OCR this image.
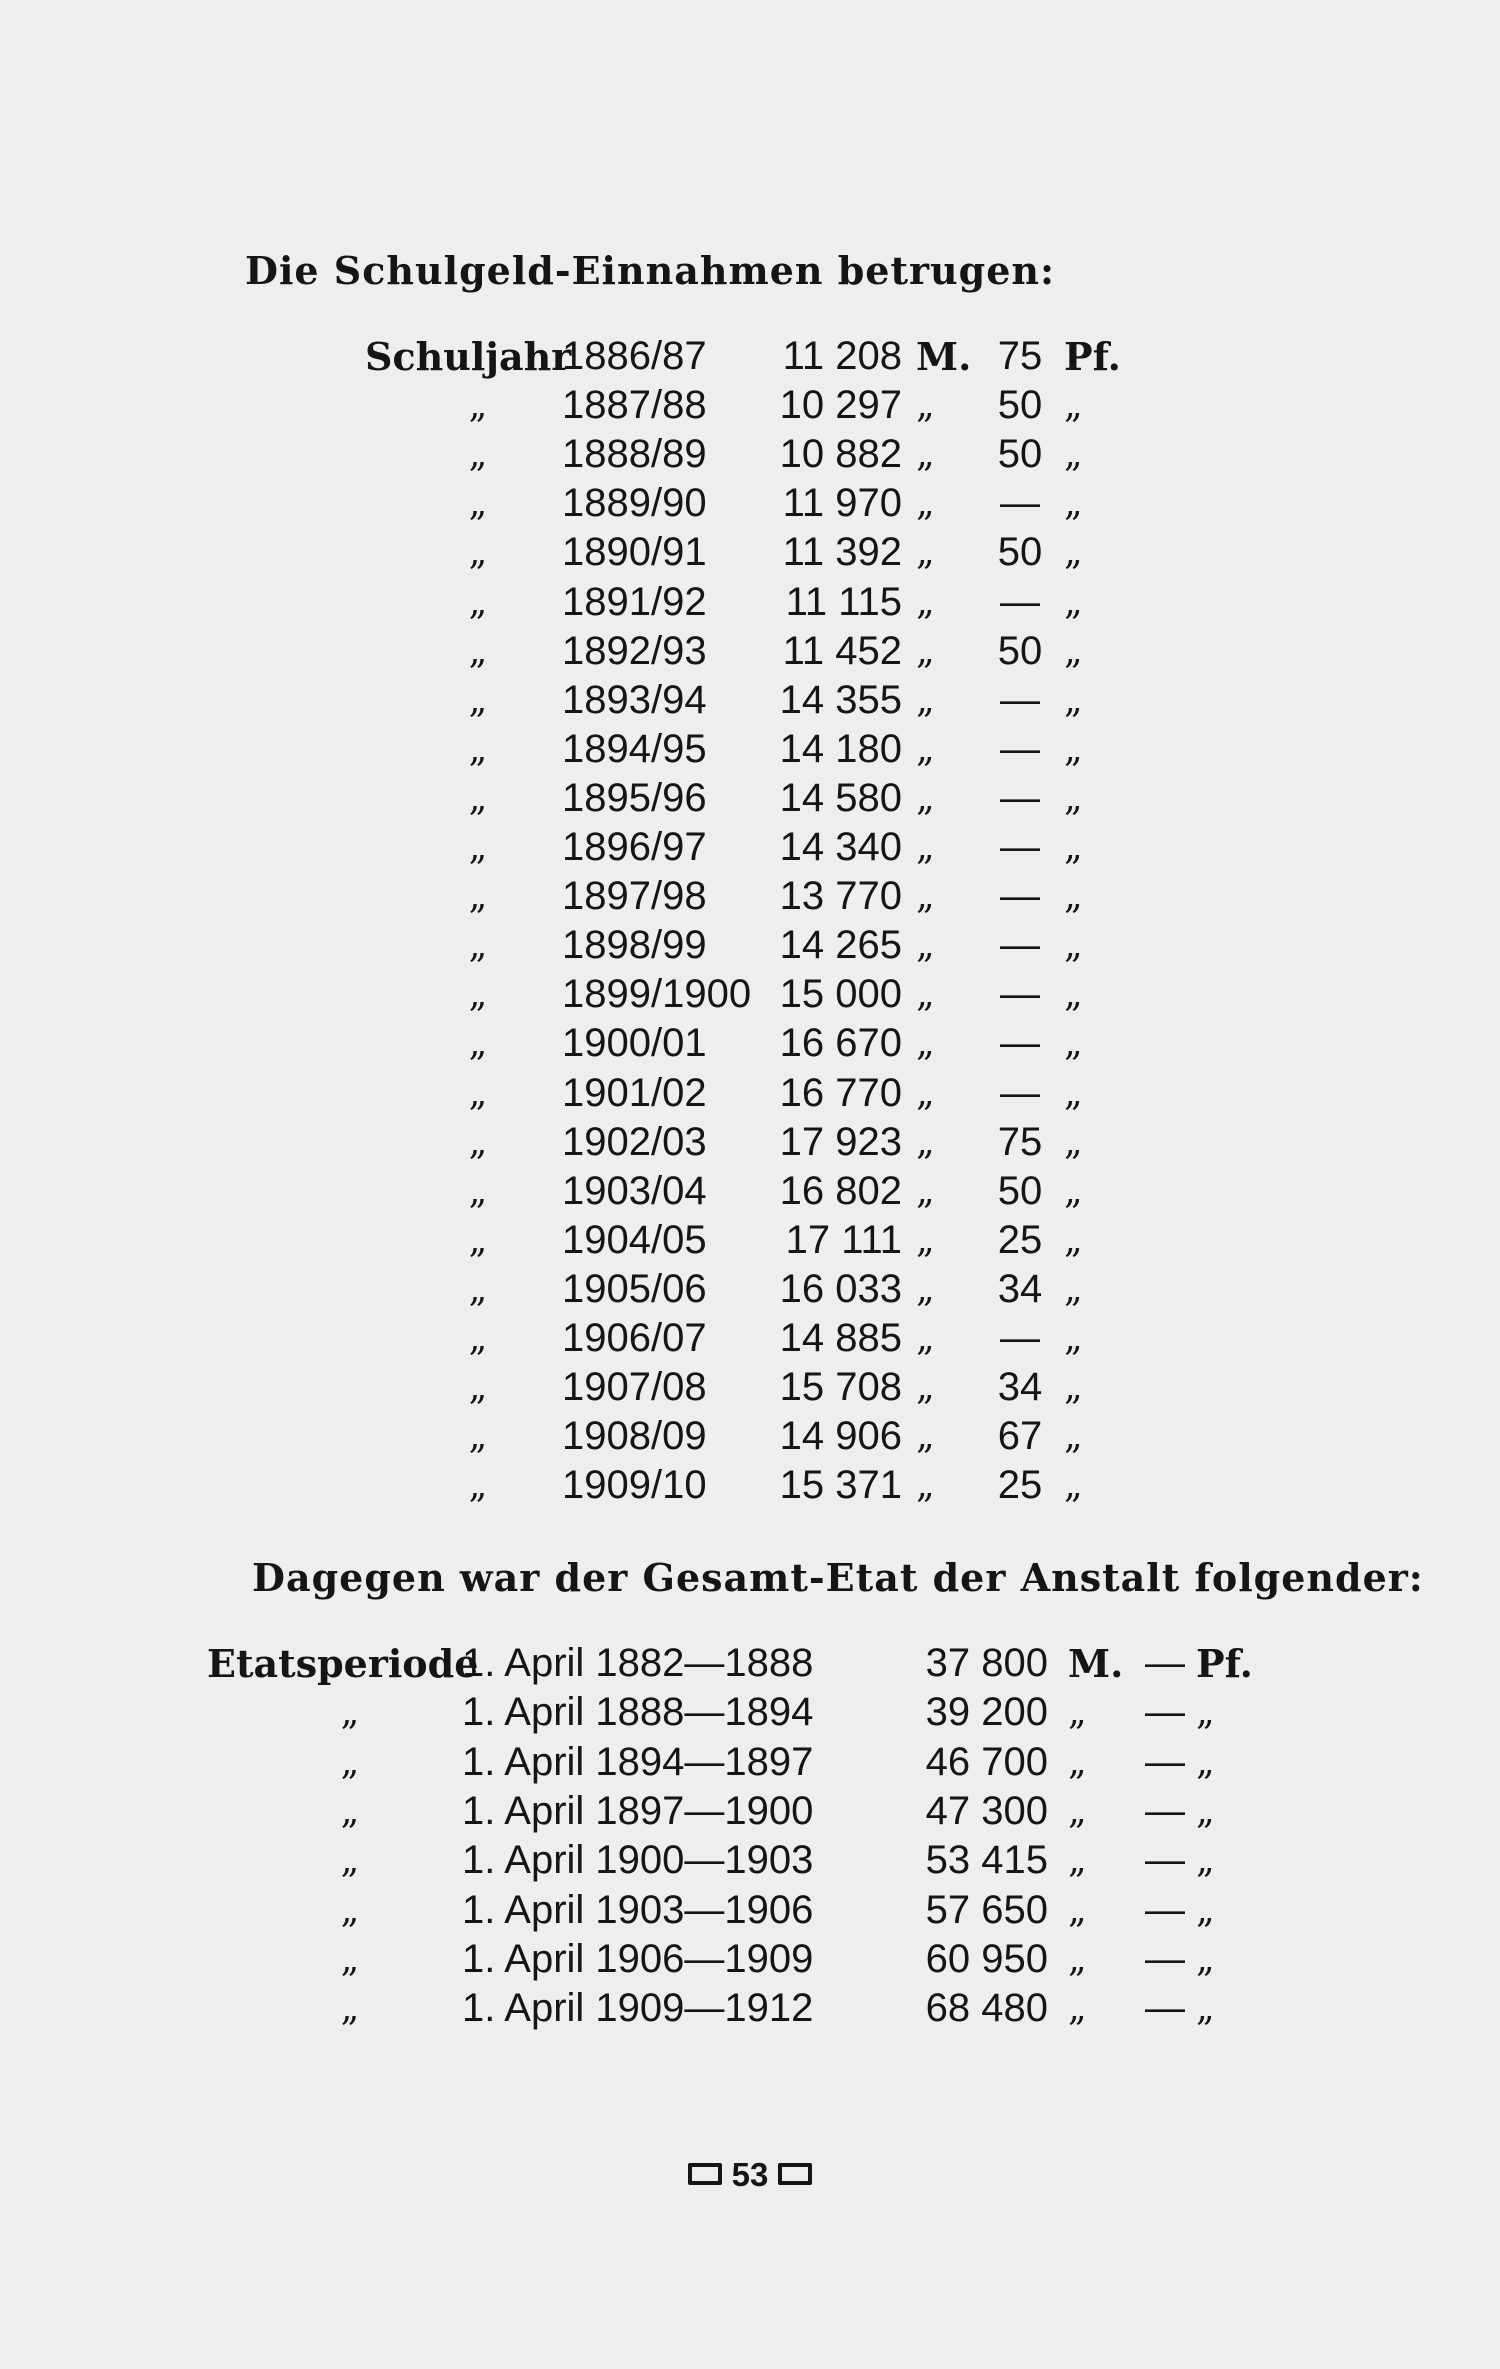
Die Schulgeld-Einnahmen betrugen:
Schuljahr
1886/87	11 208 M. 75 Pf.
„ 1887/88	10 297 „	50 „
„ 1888/89	10 882 „	50 „
„ 1889/90	11 970 „	— „
„ 1890/91	11 392 „	50 „
„ 1891/92	11 115 „	— „
„ 1892/93	11 452 „	50 „
„ 1893/94	14 355 „	— „
„ 1894/95	14 180 „	— „
„ 1895/96	14 580 „	— „
„ 1896/97	14 340 „	— „
„ 1897/98	13 770 „	— „
„ 1898/99	14 265 „	— „
„ 1899/1900 15 000 „	— „
„ 1900/01	16 670 „	— „
„ 1901/02	16 770 „	— „
„ 1902/03	17 923 „	75 „
„ 1903/04	16 802 „	50 „
„ 1904/05	17 111 „	25 „
„ 1905/06	16 033 „	34 „
„ 1906/07	14 885 „	— „
„ 1907/08	15 708 „	34 „
„ 1908/09	14 906 „	67 „
„ 1909/10	15 371 „	25 „
Dagegen war der Gesamt-Etat der Anstalt folgender:
Etatsperiode
1. April 1882—1888	37 800 M. — Pf.
„	1. April 1888—1894	39 200 „	— „
„	1. April 1894—1897	46 700 „	— „
„	1. April 1897—1900	47 300 „	— „
„	1. April 1900—1903	53 415 „	— „
„	1. April 1903—1906	57 650 „	— „
„	1. April 1906—1909	60 950 „	— „
„	1. April 1909—1912	68 480 „	— „
53
